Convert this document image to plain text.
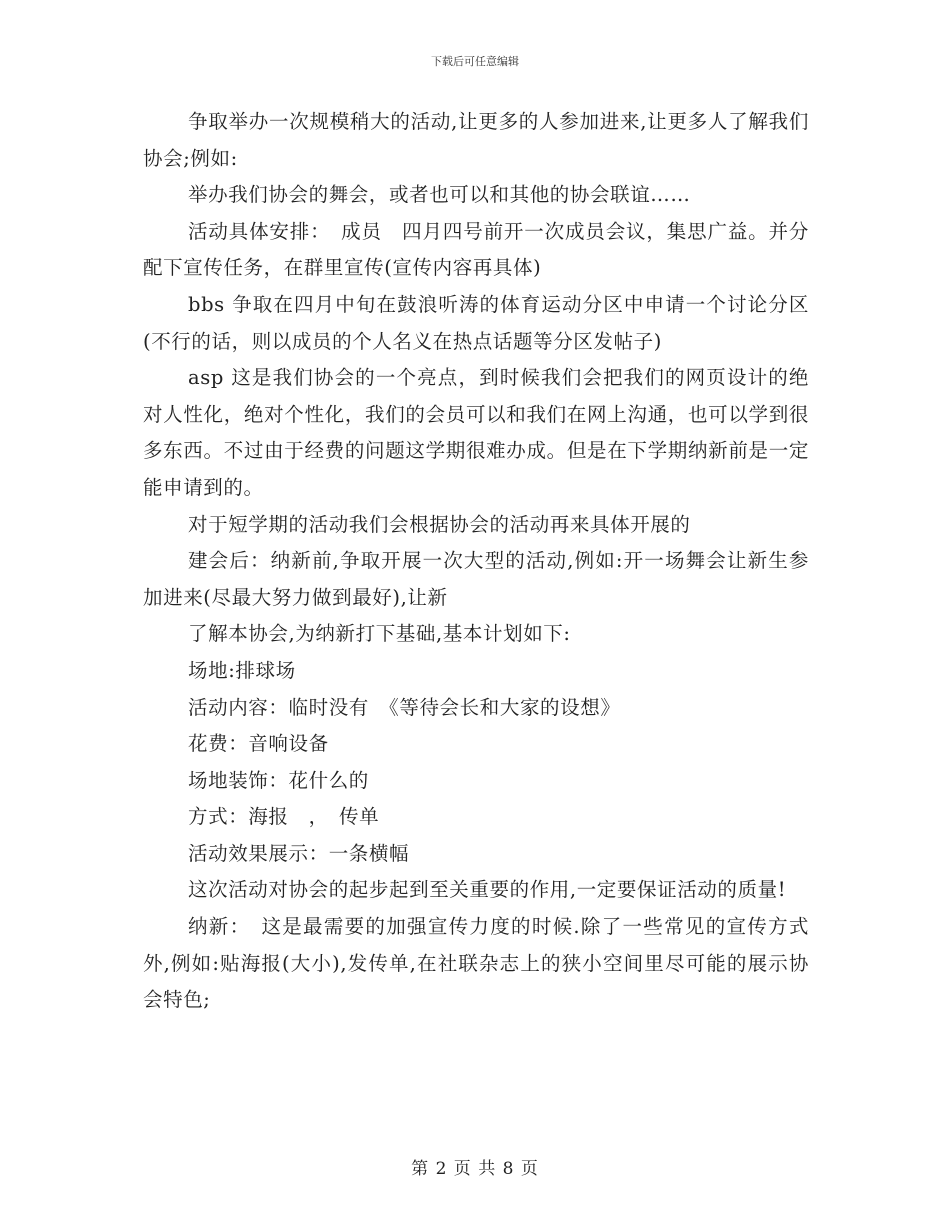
下载后可任意编辑

争取举办一次规模稍大的活动,让更多的人参加进来,让更多人了解我们协会;例如:

举办我们协会的舞会，或者也可以和其他的协会联谊……

活动具体安排：　成员　四月四号前开一次成员会议，集思广益。并分配下宣传任务，在群里宣传(宣传内容再具体)

bbs 争取在四月中旬在鼓浪听涛的体育运动分区中申请一个讨论分区(不行的话，则以成员的个人名义在热点话题等分区发帖子)

asp 这是我们协会的一个亮点，到时候我们会把我们的网页设计的绝对人性化，绝对个性化，我们的会员可以和我们在网上沟通，也可以学到很多东西。不过由于经费的问题这学期很难办成。但是在下学期纳新前是一定能申请到的。

对于短学期的活动我们会根据协会的活动再来具体开展的

建会后：纳新前,争取开展一次大型的活动,例如:开一场舞会让新生参加进来(尽最大努力做到最好),让新

了解本协会,为纳新打下基础,基本计划如下:

场地:排球场

活动内容：临时没有　《等待会长和大家的设想》

花费：音响设备

场地装饰：花什么的

方式：海报　，　传单

活动效果展示：一条横幅

这次活动对协会的起步起到至关重要的作用,一定要保证活动的质量!

纳新：　这是最需要的加强宣传力度的时候.除了一些常见的宣传方式外,例如:贴海报(大小),发传单,在社联杂志上的狭小空间里尽可能的展示协会特色;

第 2 页 共 8 页
